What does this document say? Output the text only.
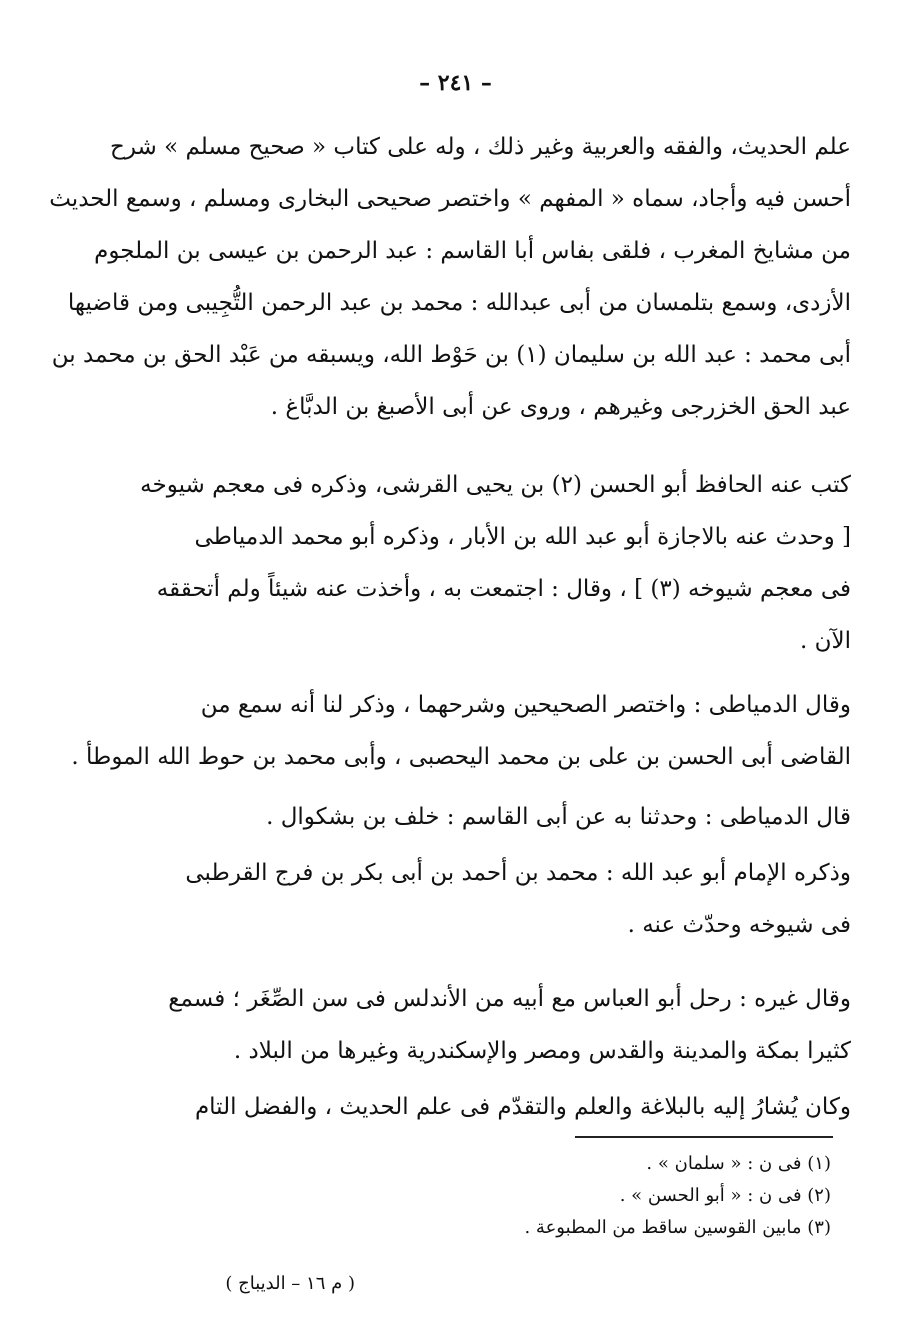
– ٢٤١ –
علم الحديث، والفقه والعربية وغير ذلك ، وله على كتاب « صحيح مسلم » شرح
أحسن فيه وأجاد، سماه « المفهم » واختصر صحيحى البخارى ومسلم ، وسمع الحديث
من مشايخ المغرب ، فلقى بفاس أبا القاسم : عبد الرحمن بن عيسى بن الملجوم
الأزدى، وسمع بتلمسان من أبى عبدالله : محمد بن عبد الرحمن التُّجِيبى ومن قاضيها
أبى محمد : عبد الله بن سليمان (١) بن حَوْط الله، ويسبقه من عَبْد الحق بن محمد بن
عبد الحق الخزرجى وغيرهم ، وروى عن أبى الأصبغ بن الدبَّاغ .
كتب عنه الحافظ أبو الحسن (٢) بن يحيى القرشى، وذكره فى معجم شيوخه
[ وحدث عنه بالاجازة أبو عبد الله بن الأبار ، وذكره أبو محمد الدمياطى
فى معجم شيوخه (٣) ] ، وقال : اجتمعت به ، وأخذت عنه شيئاً ولم أتحققه
الآن .
وقال الدمياطى : واختصر الصحيحين وشرحهما ، وذكر لنا أنه سمع من
القاضى أبى الحسن بن على بن محمد اليحصبى ، وأبى محمد بن حوط الله الموطأ .
قال الدمياطى : وحدثنا به عن أبى القاسم : خلف بن بشكوال .
وذكره الإمام أبو عبد الله : محمد بن أحمد بن أبى بكر بن فرج القرطبى
فى شيوخه وحدّث عنه .
وقال غيره : رحل أبو العباس مع أبيه من الأندلس فى سن الصِّغَر ؛ فسمع
كثيرا بمكة والمدينة والقدس ومصر والإسكندرية وغيرها من البلاد .
وكان يُشارُ إليه بالبلاغة والعلم والتقدّم فى علم الحديث ، والفضل التام
(١) فى ن : « سلمان » .
(٢) فى ن : « أبو الحسن » .
(٣) مابين القوسين ساقط من المطبوعة .
( م ١٦ – الديباج )
